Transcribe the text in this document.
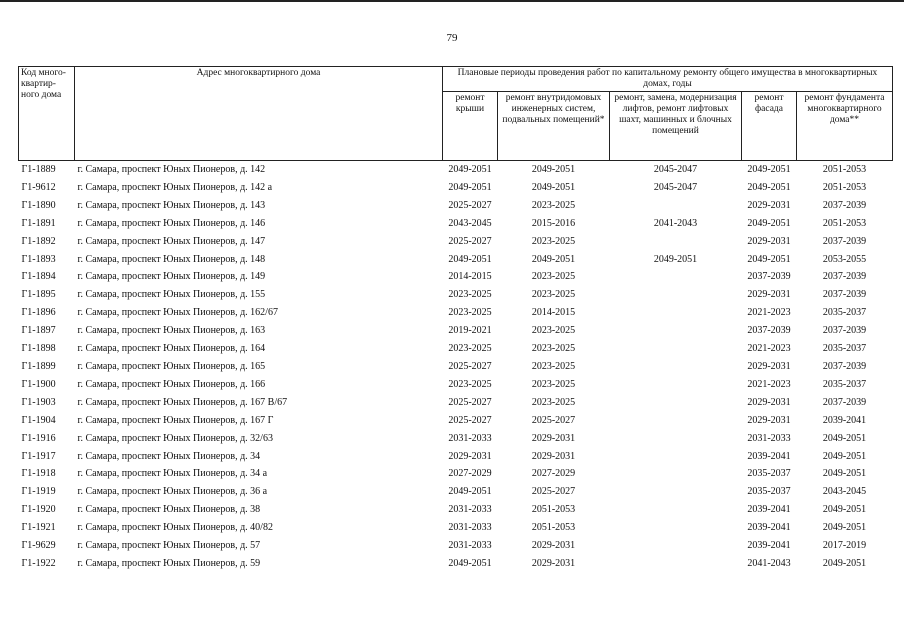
79
Код много-квартир-ного дома	Адрес многоквартирного дома	Плановые периоды проведения работ по капитальному ремонту общего имущества в многоквартирных домах, годы				
		ремонт крыши	ремонт внутридомовых инженерных систем, подвальных помещений*	ремонт, замена, модернизация лифтов, ремонт лифтовых шахт, машинных и блочных помещений	ремонт фасада	ремонт фундамента многоквартирного дома**
Г1-1889	г. Самара, проспект Юных Пионеров, д. 142	2049-2051	2049-2051	2045-2047	2049-2051	2051-2053
Г1-9612	г. Самара, проспект Юных Пионеров, д. 142 а	2049-2051	2049-2051	2045-2047	2049-2051	2051-2053
Г1-1890	г. Самара, проспект Юных Пионеров, д. 143	2025-2027	2023-2025		2029-2031	2037-2039
Г1-1891	г. Самара, проспект Юных Пионеров, д. 146	2043-2045	2015-2016	2041-2043	2049-2051	2051-2053
Г1-1892	г. Самара, проспект Юных Пионеров, д. 147	2025-2027	2023-2025		2029-2031	2037-2039
Г1-1893	г. Самара, проспект Юных Пионеров, д. 148	2049-2051	2049-2051	2049-2051	2049-2051	2053-2055
Г1-1894	г. Самара, проспект Юных Пионеров, д. 149	2014-2015	2023-2025		2037-2039	2037-2039
Г1-1895	г. Самара, проспект Юных Пионеров, д. 155	2023-2025	2023-2025		2029-2031	2037-2039
Г1-1896	г. Самара, проспект Юных Пионеров, д. 162/67	2023-2025	2014-2015		2021-2023	2035-2037
Г1-1897	г. Самара, проспект Юных Пионеров, д. 163	2019-2021	2023-2025		2037-2039	2037-2039
Г1-1898	г. Самара, проспект Юных Пионеров, д. 164	2023-2025	2023-2025		2021-2023	2035-2037
Г1-1899	г. Самара, проспект Юных Пионеров, д. 165	2025-2027	2023-2025		2029-2031	2037-2039
Г1-1900	г. Самара, проспект Юных Пионеров, д. 166	2023-2025	2023-2025		2021-2023	2035-2037
Г1-1903	г. Самара, проспект Юных Пионеров, д. 167 В/67	2025-2027	2023-2025		2029-2031	2037-2039
Г1-1904	г. Самара, проспект Юных Пионеров, д. 167 Г	2025-2027	2025-2027		2029-2031	2039-2041
Г1-1916	г. Самара, проспект Юных Пионеров, д. 32/63	2031-2033	2029-2031		2031-2033	2049-2051
Г1-1917	г. Самара, проспект Юных Пионеров, д. 34	2029-2031	2029-2031		2039-2041	2049-2051
Г1-1918	г. Самара, проспект Юных Пионеров, д. 34 а	2027-2029	2027-2029		2035-2037	2049-2051
Г1-1919	г. Самара, проспект Юных Пионеров, д. 36 а	2049-2051	2025-2027		2035-2037	2043-2045
Г1-1920	г. Самара, проспект Юных Пионеров, д. 38	2031-2033	2051-2053		2039-2041	2049-2051
Г1-1921	г. Самара, проспект Юных Пионеров, д. 40/82	2031-2033	2051-2053		2039-2041	2049-2051
Г1-9629	г. Самара, проспект Юных Пионеров, д. 57	2031-2033	2029-2031		2039-2041	2017-2019
Г1-1922	г. Самара, проспект Юных Пионеров, д. 59	2049-2051	2029-2031		2041-2043	2049-2051
